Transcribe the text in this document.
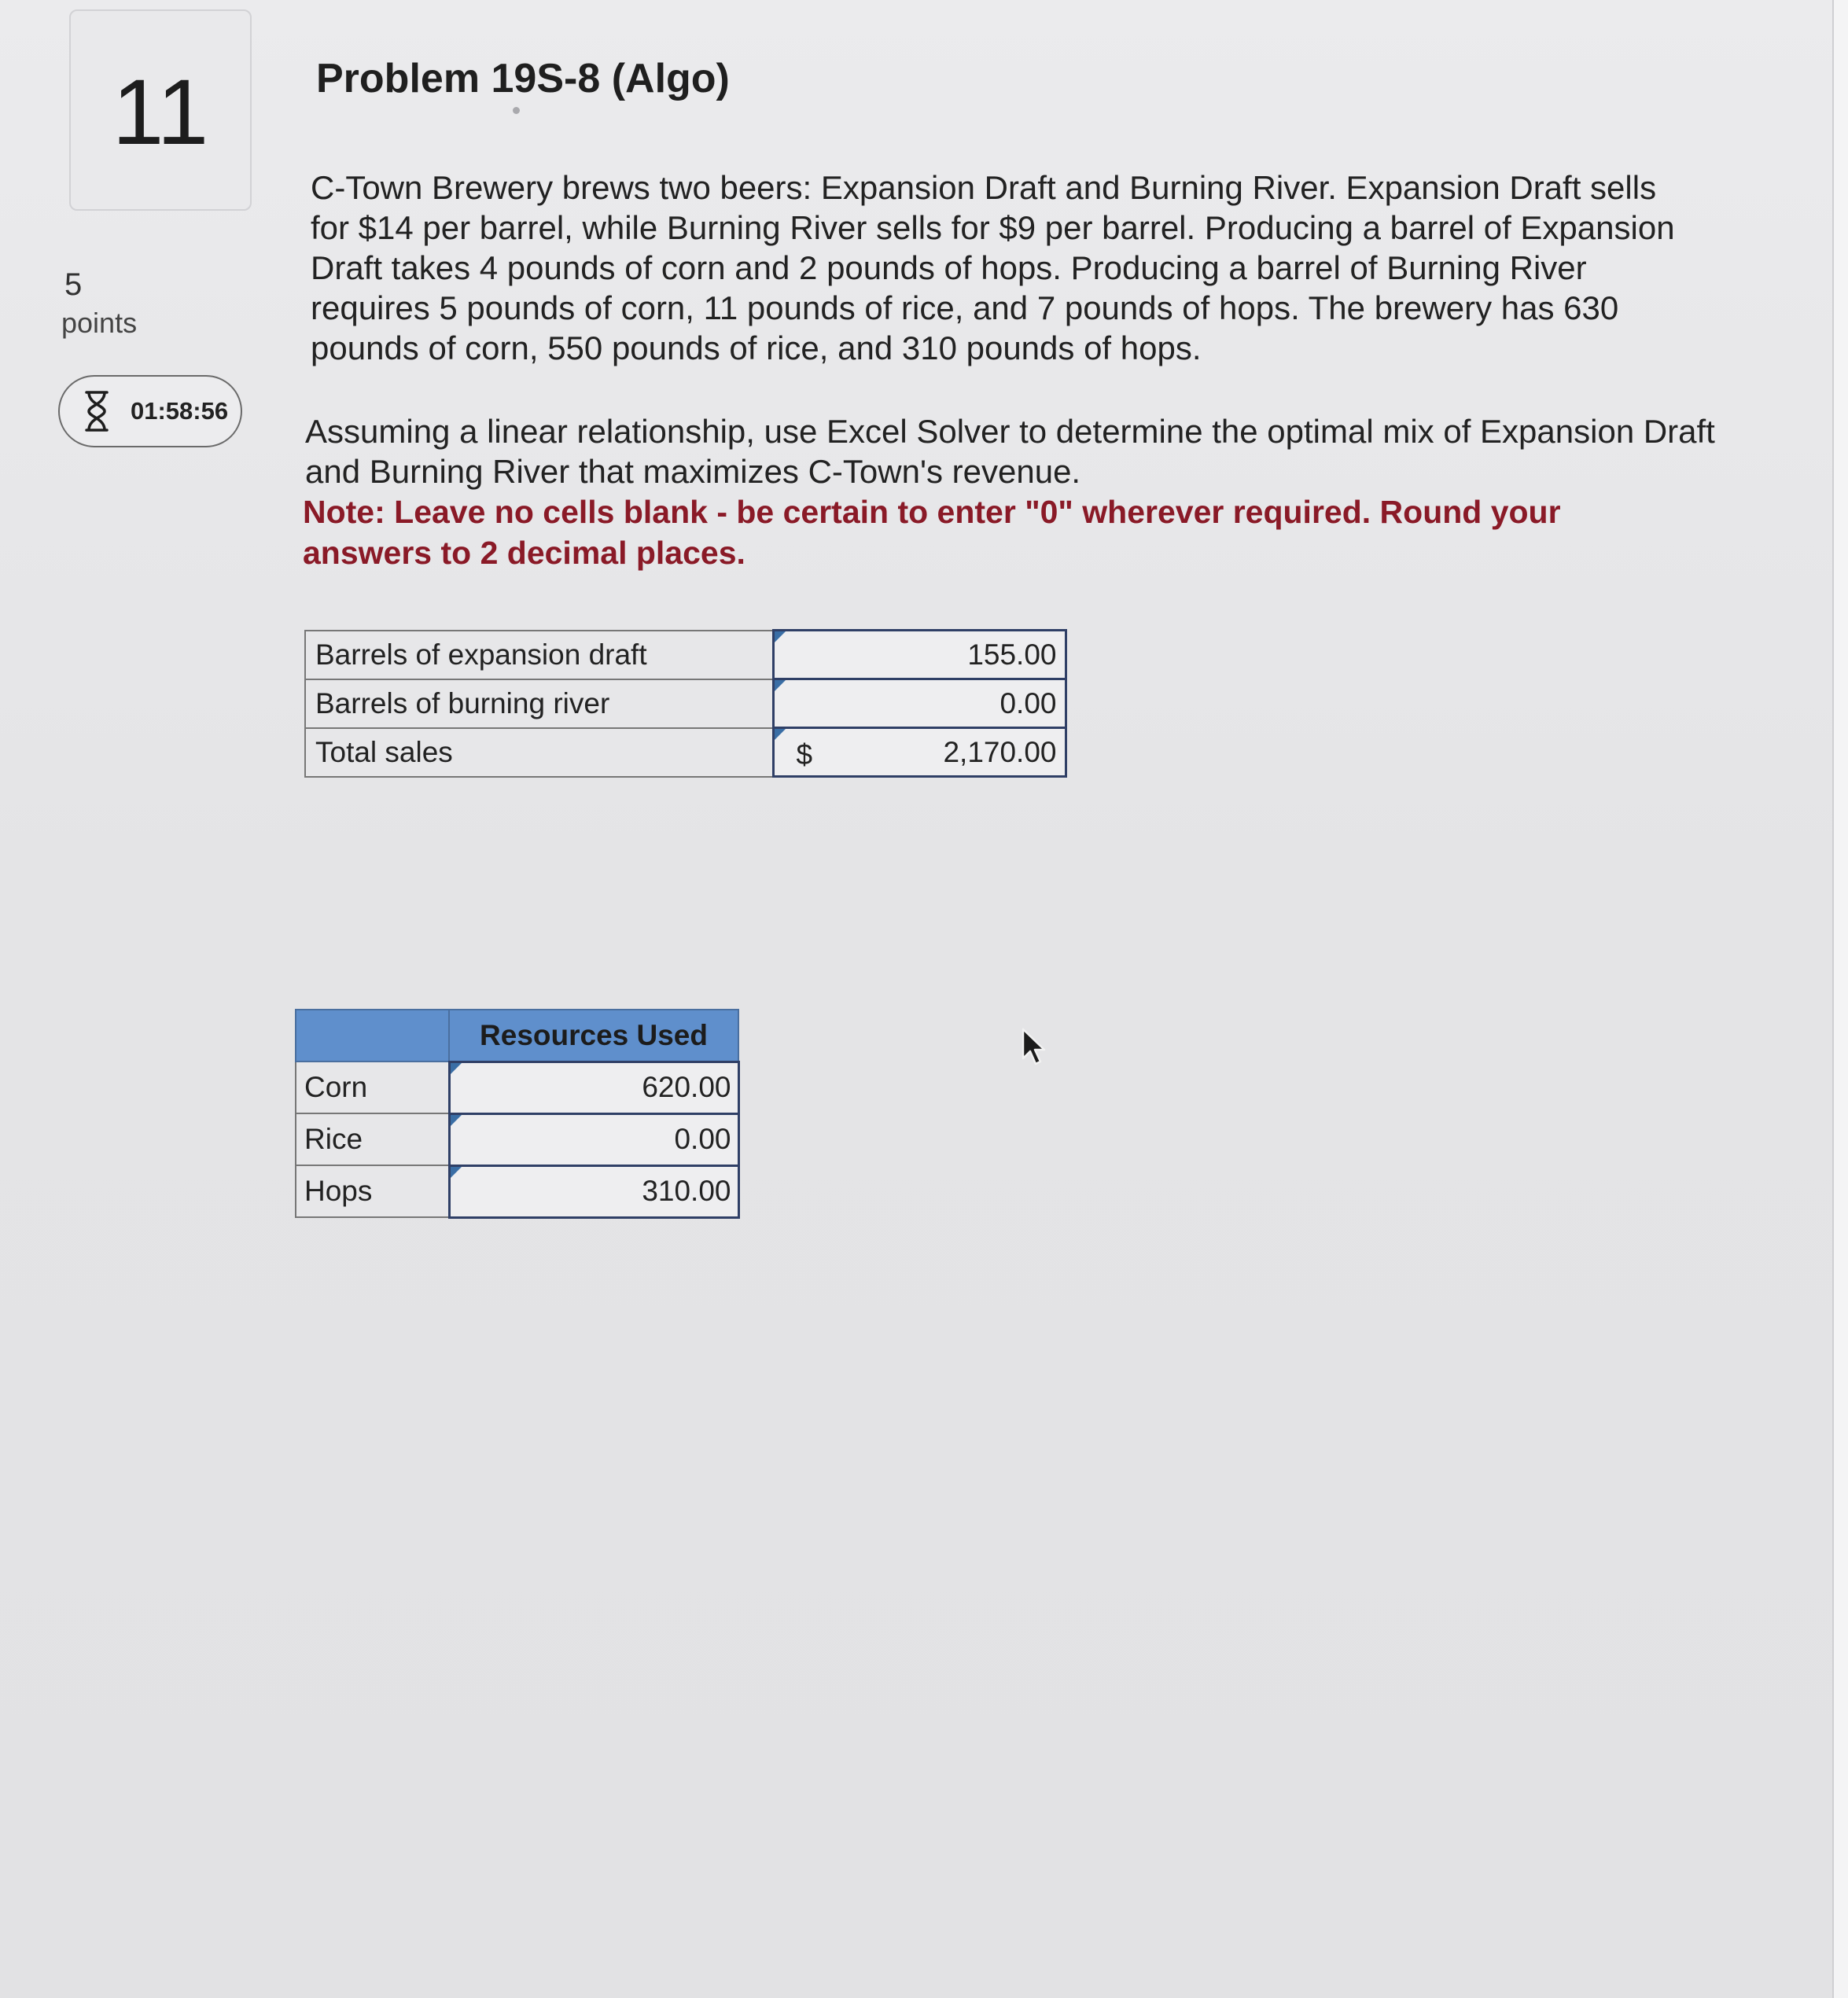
11
5
points
01:58:56
Problem 19S-8 (Algo)

C-Town Brewery brews two beers: Expansion Draft and Burning River. Expansion Draft sells for $14 per barrel, while Burning River sells for $9 per barrel. Producing a barrel of Expansion Draft takes 4 pounds of corn and 2 pounds of hops. Producing a barrel of Burning River requires 5 pounds of corn, 11 pounds of rice, and 7 pounds of hops. The brewery has 630 pounds of corn, 550 pounds of rice, and 310 pounds of hops.

Assuming a linear relationship, use Excel Solver to determine the optimal mix of Expansion Draft and Burning River that maximizes C-Town's revenue.

Note: Leave no cells blank - be certain to enter "0" wherever required. Round your answers to 2 decimal places.

Barrels of expansion draft	155.00
Barrels of burning river	0.00
Total sales	$ 2,170.00
	Resources Used
Corn	620.00
Rice	0.00
Hops	310.00
